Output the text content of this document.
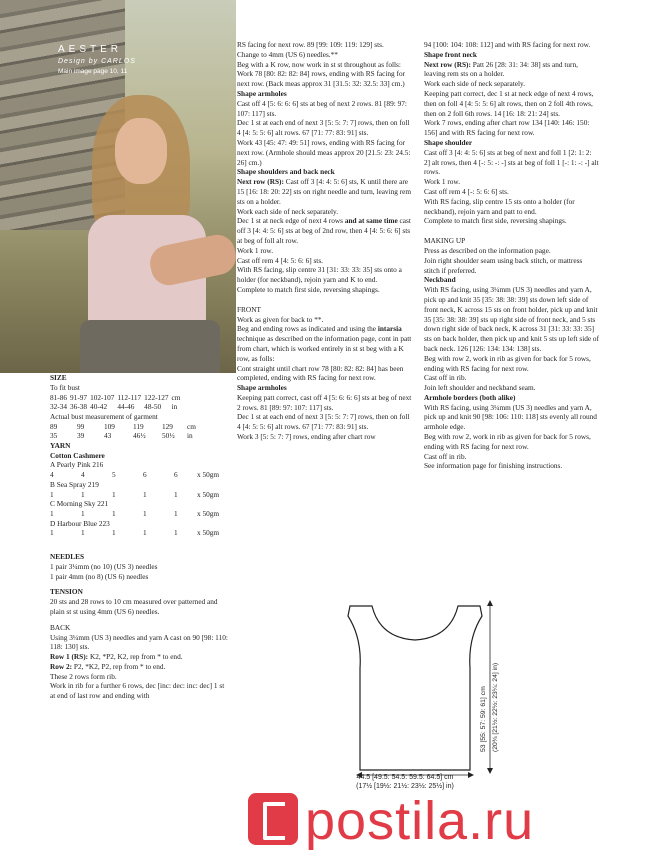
AESTER
Design by CARLOS
Main image page 10, 11

SIZE

To fit bust

81-86	91-97	102-107	112-117	122-127	cm
32-34	36-38	40-42	44-46	48-50	in

Actual bust measurement of garment

89	99	109	119	129	cm
35	39	43	46½	50½	in

YARN

Cotton Cashmere

A Pearly Pink 216

4	4	5	6	6	x 50gm

B Sea Spray 219

1	1	1	1	1	x 50gm

C Morning Sky 221

1	1	1	1	1	x 50gm

D Harbour Blue 223

1	1	1	1	1	x 50gm

NEEDLES

1 pair 3¼mm (no 10) (US 3) needles

1 pair 4mm (no 8) (US 6) needles

TENSION

20 sts and 28 rows to 10 cm measured over patterned and plain st st using 4mm (US 6) needles.

BACK

Using 3¼mm (US 3) needles and yarn A cast on 90 [98: 110: 118: 130] sts.

Row 1 (RS): K2, *P2, K2, rep from * to end.

Row 2: P2, *K2, P2, rep from * to end.

These 2 rows form rib.

Work in rib for a further 6 rows, dec [inc: dec: inc: dec] 1 st at end of last row and ending with

RS facing for next row. 89 [99: 109: 119: 129] sts.

Change to 4mm (US 6) needles.**

Beg with a K row, now work in st st throughout as folls:

Work 78 [80: 82: 82: 84] rows, ending with RS facing for next row. (Back meas approx 31 [31.5: 32: 32.5: 33] cm.)

Shape armholes

Cast off 4 [5: 6: 6: 6] sts at beg of next 2 rows. 81 [89: 97: 107: 117] sts.

Dec 1 st at each end of next 3 [5: 5: 7: 7] rows, then on foll 4 [4: 5: 5: 6] alt rows. 67 [71: 77: 83: 91] sts.

Work 43 [45: 47: 49: 51] rows, ending with RS facing for next row. (Armhole should meas approx 20 [21.5: 23: 24.5: 26] cm.)

Shape shoulders and back neck

Next row (RS): Cast off 3 [4: 4: 5: 6] sts, K until there are 15 [16: 18: 20: 22] sts on right needle and turn, leaving rem sts on a holder.

Work each side of neck separately.

Dec 1 st at neck edge of next 4 rows and at same time cast off 3 [4: 4: 5: 6] sts at beg of 2nd row, then 4 [4: 5: 6: 6] sts at beg of foll alt row.

Work 1 row.

Cast off rem 4 [4: 5: 6: 6] sts.

With RS facing, slip centre 31 [31: 33: 33: 35] sts onto a holder (for neckband), rejoin yarn and K to end.

Complete to match first side, reversing shapings.

FRONT

Work as given for back to **.

Beg and ending rows as indicated and using the intarsia technique as described on the information page, cont in patt from chart, which is worked entirely in st st beg with a K row, as folls:

Cont straight until chart row 78 [80: 82: 82: 84] has been completed, ending with RS facing for next row.

Shape armholes

Keeping patt correct, cast off 4 [5: 6: 6: 6] sts at beg of next 2 rows. 81 [89: 97: 107: 117] sts.

Dec 1 st at each end of next 3 [5: 5: 7: 7] rows, then on foll 4 [4: 5: 5: 6] alt rows. 67 [71: 77: 83: 91] sts.

Work 3 [5: 5: 7: 7] rows, ending after chart row

94 [100: 104: 108: 112] and with RS facing for next row.

Shape front neck

Next row (RS): Patt 26 [28: 31: 34: 38] sts and turn, leaving rem sts on a holder.

Work each side of neck separately.

Keeping patt correct, dec 1 st at neck edge of next 4 rows, then on foll 4 [4: 5: 5: 6] alt rows, then on 2 foll 4th rows, then on 2 foll 6th rows. 14 [16: 18: 21: 24] sts.

Work 7 rows, ending after chart row 134 [140: 146: 150: 156] and with RS facing for next row.

Shape shoulder

Cast off 3 [4: 4: 5: 6] sts at beg of next and foll 1 [2: 1: 2: 2] alt rows, then 4 [-: 5: -: -] sts at beg of foll 1 [-: 1: -: -] alt rows.

Work 1 row.

Cast off rem 4 [-: 5: 6: 6] sts.

With RS facing, slip centre 15 sts onto a holder (for neckband), rejoin yarn and patt to end.

Complete to match first side, reversing shapings.

MAKING UP

Press as described on the information page.

Join right shoulder seam using back stitch, or mattress stitch if preferred.

Neckband

With RS facing, using 3¼mm (US 3) needles and yarn A, pick up and knit 35 [35: 38: 38: 39] sts down left side of front neck, K across 15 sts on front holder, pick up and knit 35 [35: 38: 38: 39] sts up right side of front neck, and 5 sts down right side of back neck, K across 31 [31: 33: 33: 35] sts on back holder, then pick up and knit 5 sts up left side of back neck. 126 [126: 134: 134: 138] sts.

Beg with row 2, work in rib as given for back for 5 rows, ending with RS facing for next row.

Cast off in rib.

Join left shoulder and neckband seam.

Armhole borders (both alike)

With RS facing, using 3¼mm (US 3) needles and yarn A, pick up and knit 90 [98: 106: 110: 118] sts evenly all round armhole edge.

Beg with row 2, work in rib as given for back for 5 rows, ending with RS facing for next row.

Cast off in rib.

See information page for finishing instructions.

53 [55: 57: 59: 61] cm (20¾ [21½: 22½: 23¼: 24] in)
44.5 [49.5: 54.5: 59.5: 64.5] cm
(17½ [19½: 21½: 23½: 25½] in)
postila.ru
